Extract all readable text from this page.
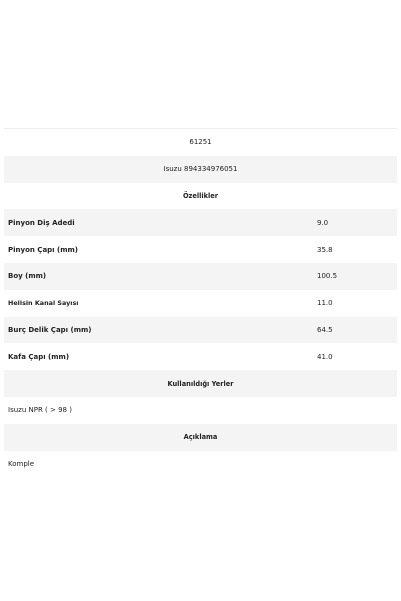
61251
Isuzu 8943349760​51
Özellikler
Pinyon Diş Adedi	9.0
Pinyon Çapı (mm)	35.8
Boy (mm)	100.5
Helisin Kanal Sayısı	11.0
Burç Delik Çapı (mm)	64.5
Kafa Çapı (mm)	41.0
Kullanıldığı Yerler
Isuzu NPR ( > 98 )
Açıklama
Komple
